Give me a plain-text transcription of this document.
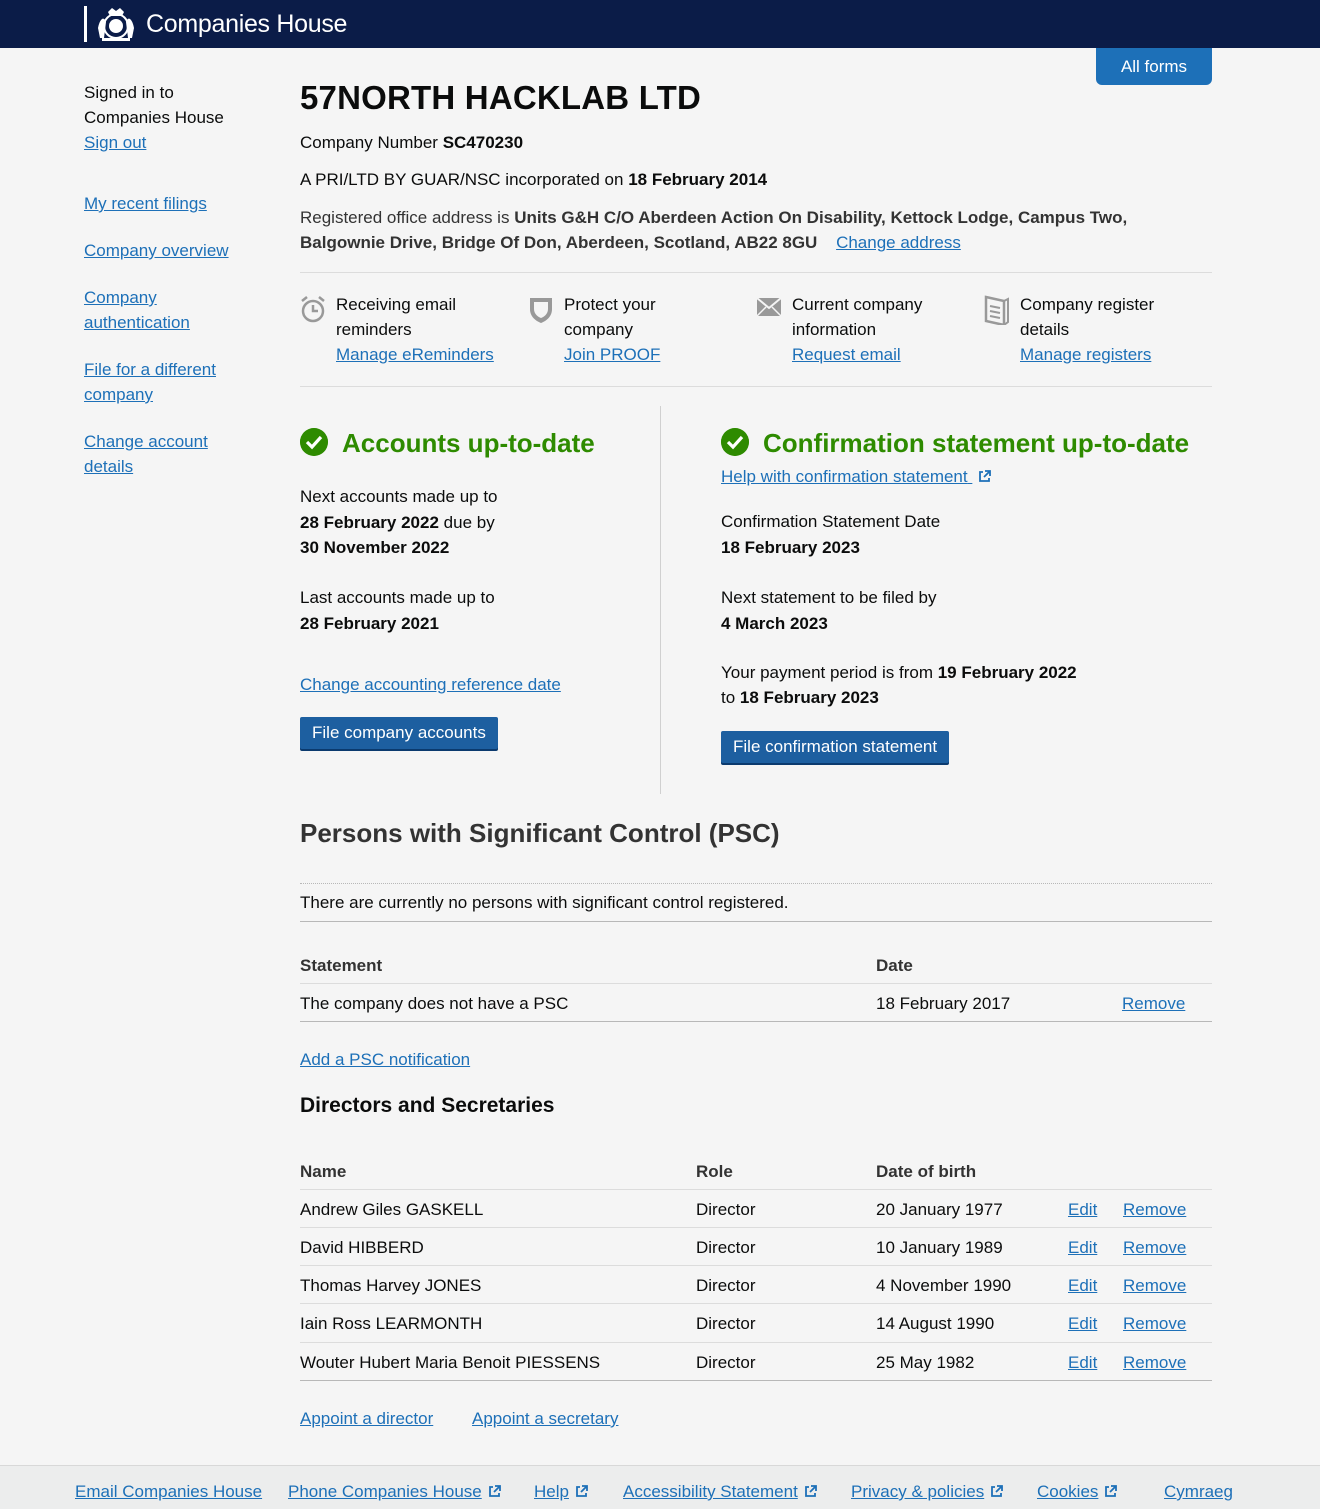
Companies House
All forms
Signed in to
Companies House
Sign out
My recent filings
Company overview
Company
authentication
File for a different
company
Change account
details
57NORTH HACKLAB LTD
Company Number SC470230
A PRI/LTD BY GUAR/NSC incorporated on 18 February 2014
Registered office address is Units G&H C/O Aberdeen Action On Disability, Kettock Lodge, Campus Two,
Balgownie Drive, Bridge Of Don, Aberdeen, Scotland, AB22 8GU Change address
Receiving email
reminders
Manage eReminders
Protect your
company
Join PROOF
Current company
information
Request email
Company register
details
Manage registers
Accounts up-to-date
Next accounts made up to
28 February 2022 due by
30 November 2022
Last accounts made up to
28 February 2021
Change accounting reference date
File company accounts
Confirmation statement up-to-date
Help with confirmation statement
Confirmation Statement Date
18 February 2023
Next statement to be filed by
4 March 2023
Your payment period is from 19 February 2022
to 18 February 2023
File confirmation statement
Persons with Significant Control (PSC)
There are currently no persons with significant control registered.
Statement	Date
The company does not have a PSC	18 February 2017	Remove
Add a PSC notification
Directors and Secretaries
Name	Role	Date of birth
Andrew Giles GASKELL	Director	20 January 1977	Edit Remove
David HIBBERD	Director	10 January 1989	Edit Remove
Thomas Harvey JONES	Director	4 November 1990	Edit Remove
Iain Ross LEARMONTH	Director	14 August 1990	Edit Remove
Wouter Hubert Maria Benoit PIESSENS	Director	25 May 1982	Edit Remove
Appoint a director Appoint a secretary
Email Companies House Phone Companies House	Help	Accessibility Statement	Privacy & policies	Cookies	Cymraeg
